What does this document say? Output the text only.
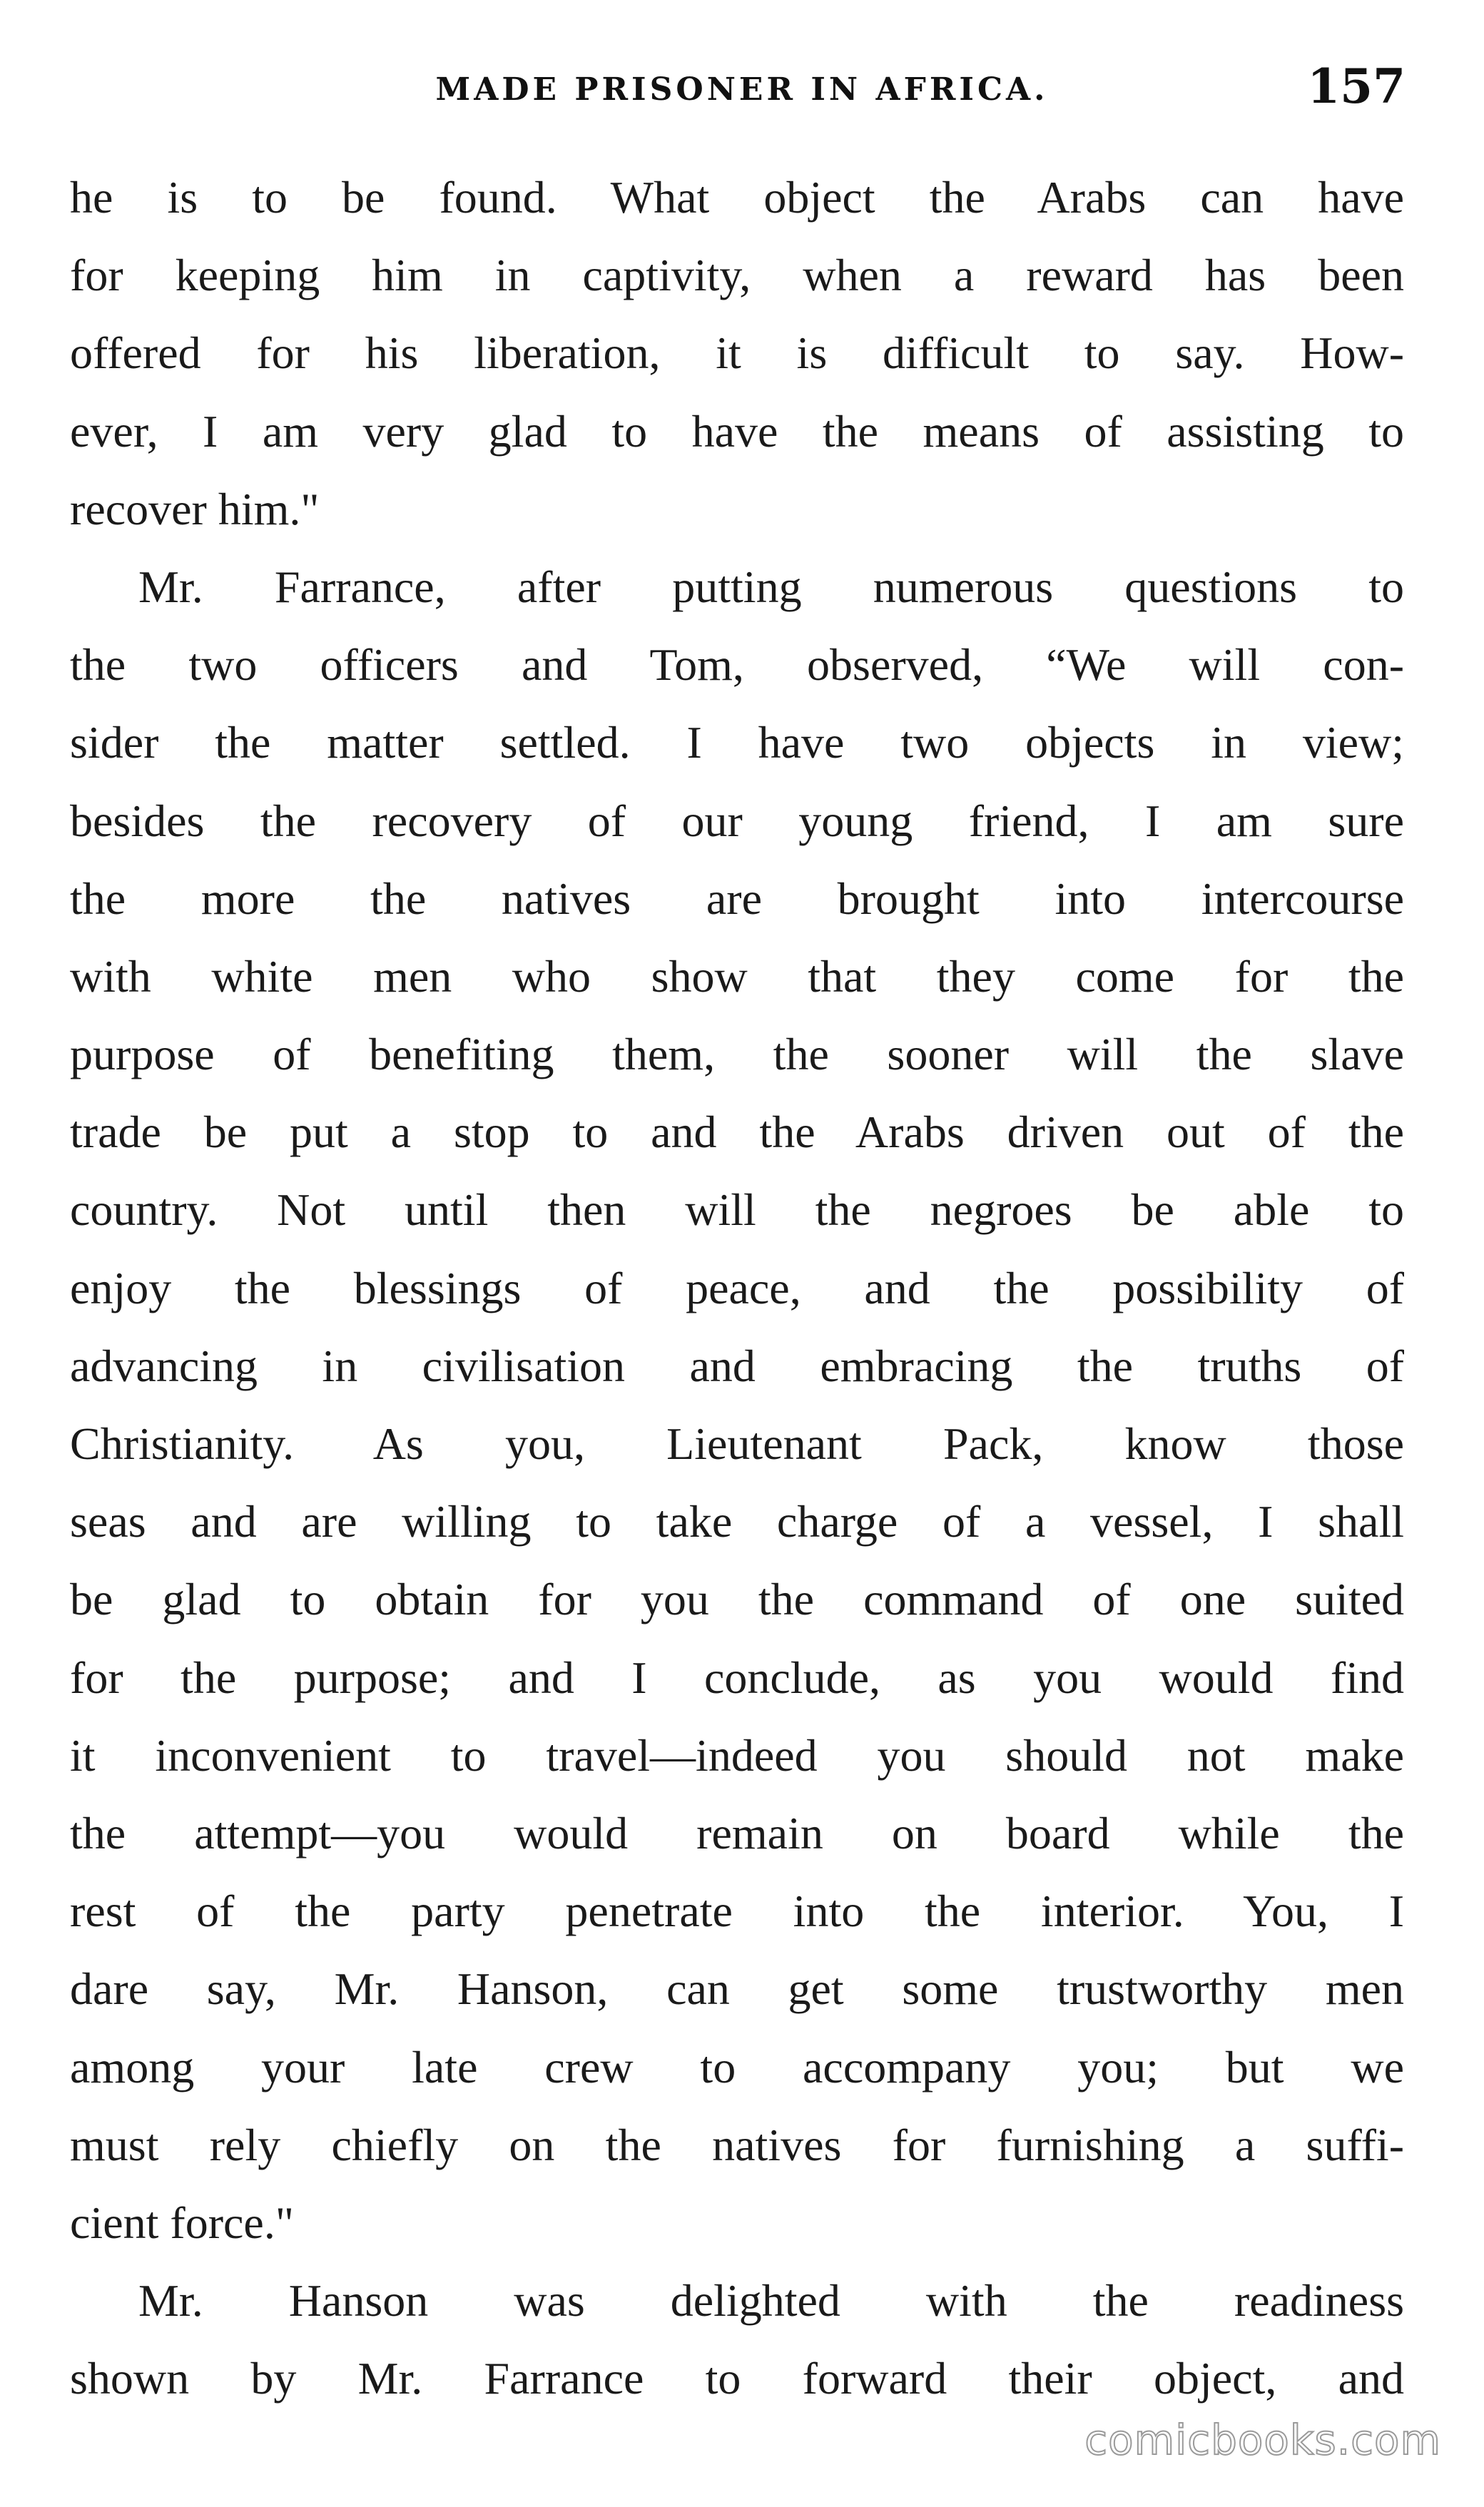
MADE PRISONER IN AFRICA.	157
he is to be found. What object the Arabs can have
for keeping him in captivity, when a reward has been
offered for his liberation, it is difficult to say. How-
ever, I am very glad to have the means of assisting to
recover him."
Mr. Farrance, after putting numerous questions to
the two officers and Tom, observed, “We will con-
sider the matter settled. I have two objects in view;
besides the recovery of our young friend, I am sure
the more the natives are brought into intercourse
with white men who show that they come for the
purpose of benefiting them, the sooner will the slave
trade be put a stop to and the Arabs driven out of the
country. Not until then will the negroes be able to
enjoy the blessings of peace, and the possibility of
advancing in civilisation and embracing the truths of
Christianity. As you, Lieutenant Pack, know those
seas and are willing to take charge of a vessel, I shall
be glad to obtain for you the command of one suited
for the purpose; and I conclude, as you would find
it inconvenient to travel—indeed you should not make
the attempt—you would remain on board while the
rest of the party penetrate into the interior. You, I
dare say, Mr. Hanson, can get some trustworthy men
among your late crew to accompany you; but we
must rely chiefly on the natives for furnishing a suffi-
cient force."
Mr. Hanson was delighted with the readiness
shown by Mr. Farrance to forward their object, and
comicbooks.com
